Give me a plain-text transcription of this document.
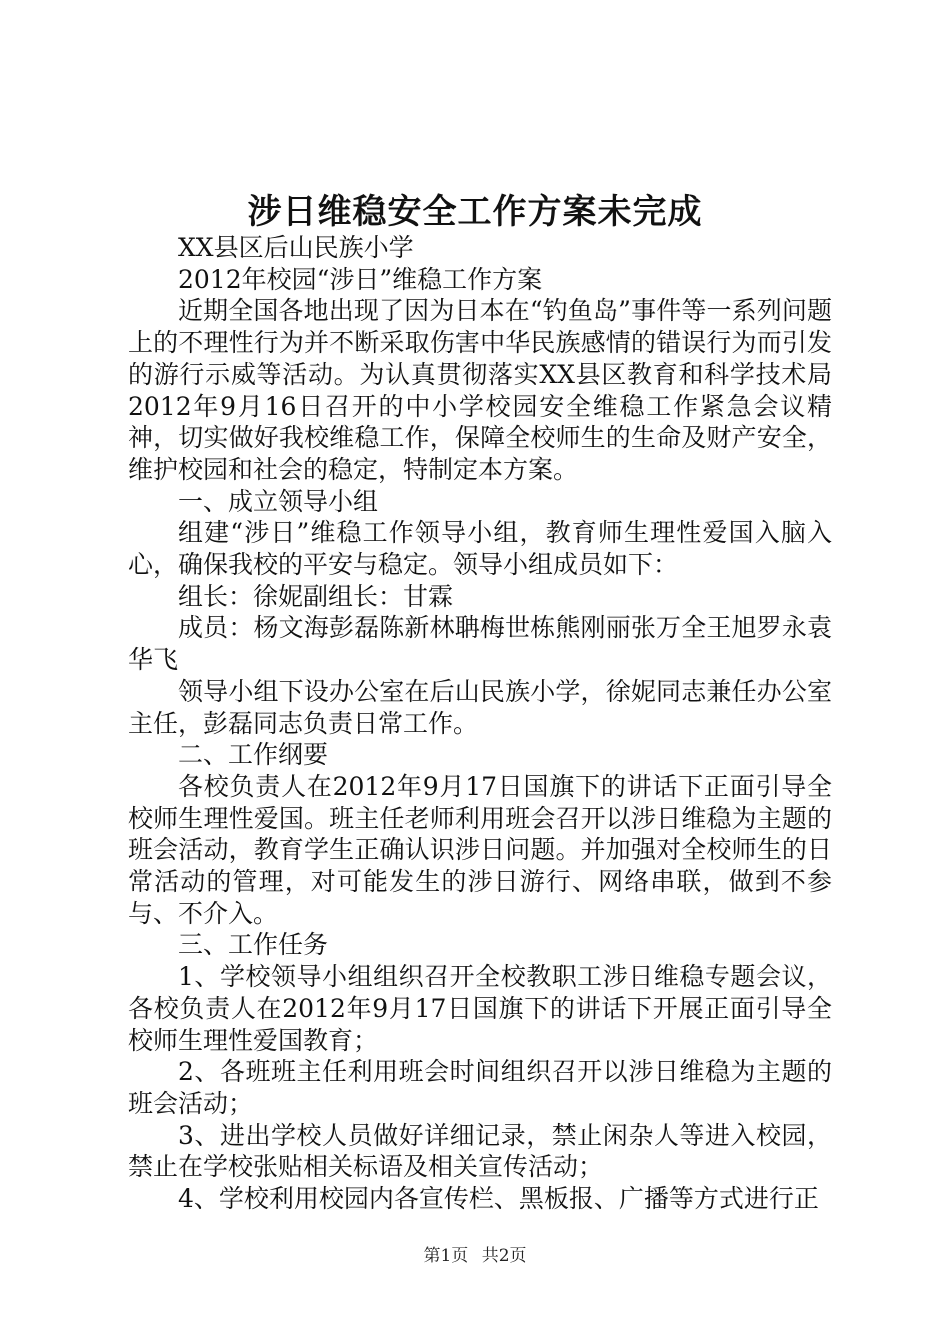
涉日维稳安全工作方案未完成

XX县区后山民族小学

2012年校园“涉日”维稳工作方案

近期全国各地出现了因为日本在“钓鱼岛”事件等一系列问题上的不理性行为并不断采取伤害中华民族感情的错误行为而引发的游行示威等活动。为认真贯彻落实XX县区教育和科学技术局2012年9月16日召开的中小学校园安全维稳工作紧急会议精神，切实做好我校维稳工作，保障全校师生的生命及财产安全，维护校园和社会的稳定，特制定本方案。

一、成立领导小组

组建“涉日”维稳工作领导小组，教育师生理性爱国入脑入心，确保我校的平安与稳定。领导小组成员如下：

组长：徐妮副组长：甘霖

成员：杨文海彭磊陈新林聃梅世栋熊刚丽张万全王旭罗永袁华飞

领导小组下设办公室在后山民族小学，徐妮同志兼任办公室主任，彭磊同志负责日常工作。

二、工作纲要

各校负责人在2012年9月17日国旗下的讲话下正面引导全校师生理性爱国。班主任老师利用班会召开以涉日维稳为主题的班会活动，教育学生正确认识涉日问题。并加强对全校师生的日常活动的管理，对可能发生的涉日游行、网络串联，做到不参与、不介入。

三、工作任务

1、学校领导小组组织召开全校教职工涉日维稳专题会议，各校负责人在2012年9月17日国旗下的讲话下开展正面引导全校师生理性爱国教育；

2、各班班主任利用班会时间组织召开以涉日维稳为主题的班会活动；

3、进出学校人员做好详细记录，禁止闲杂人等进入校园，禁止在学校张贴相关标语及相关宣传活动；

4、学校利用校园内各宣传栏、黑板报、广播等方式进行正

第1页 共2页
